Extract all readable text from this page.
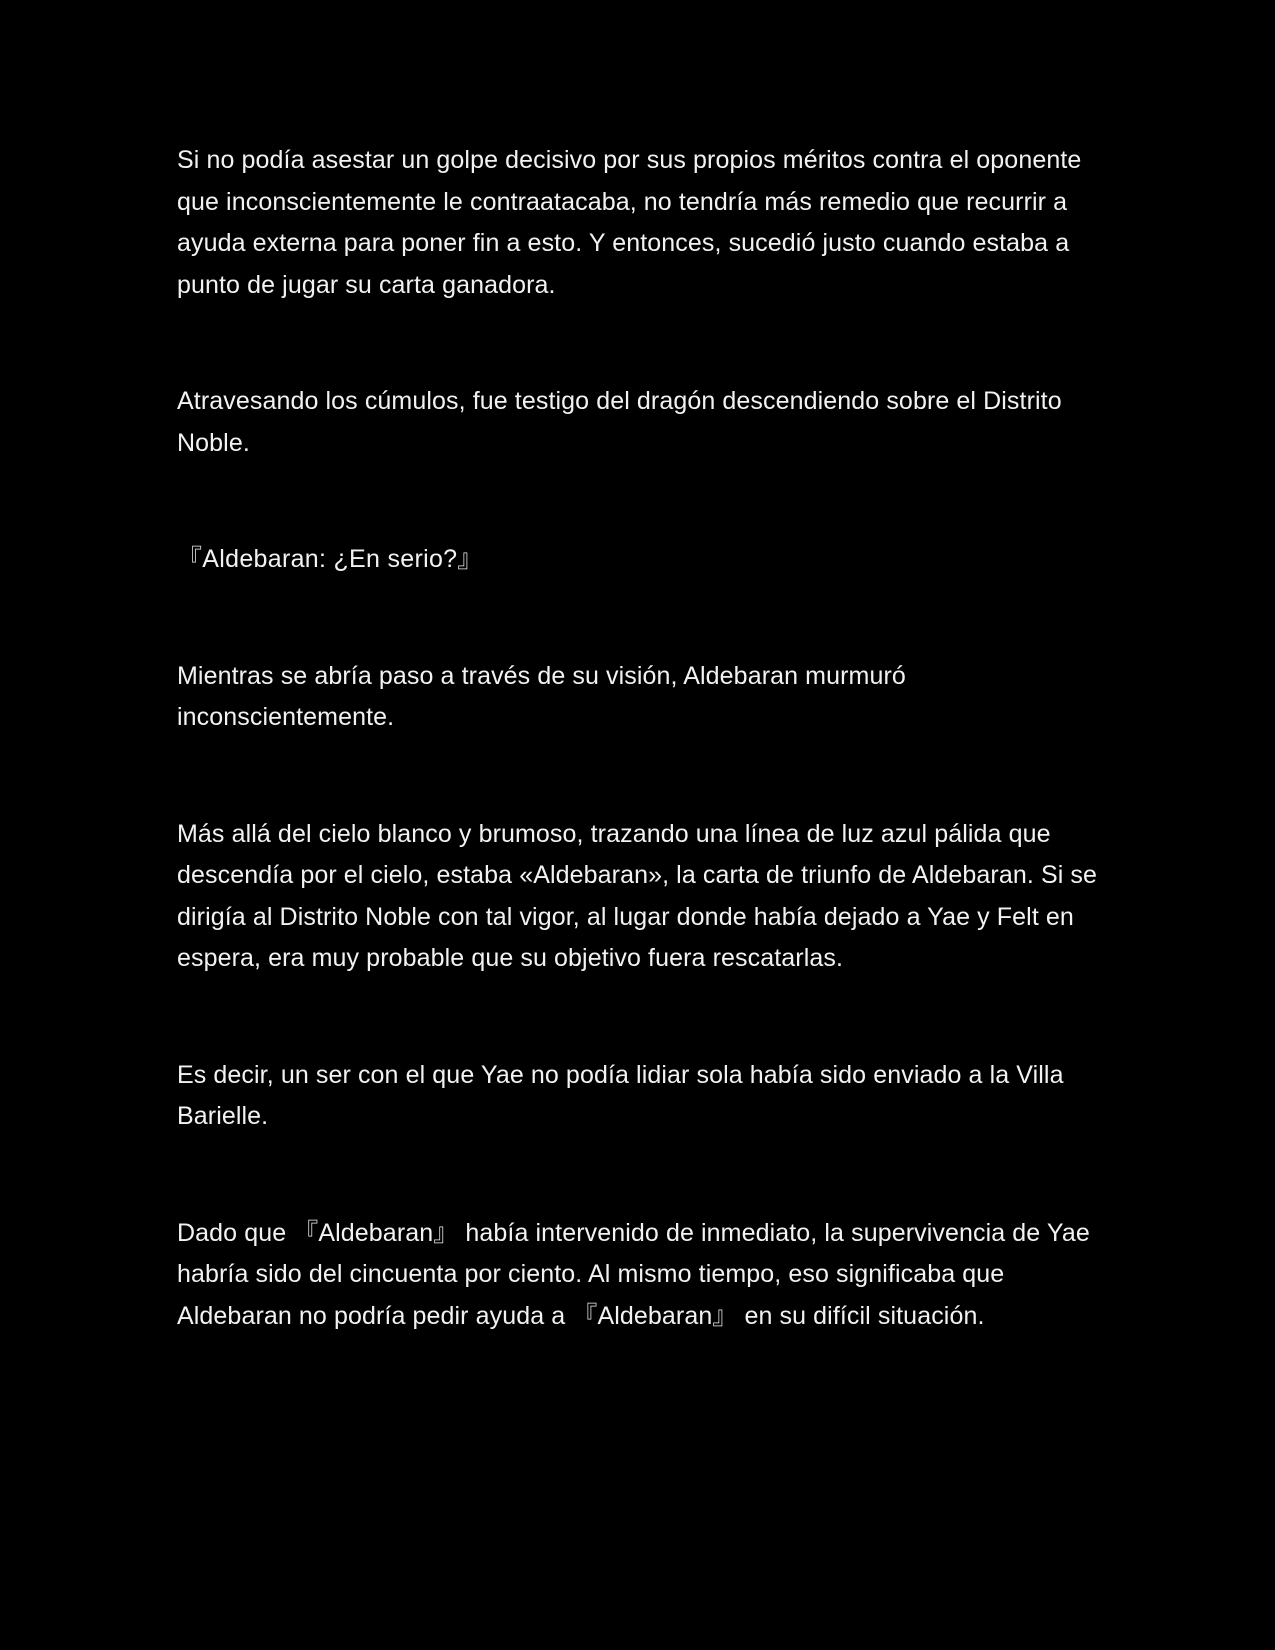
Si no podía asestar un golpe decisivo por sus propios méritos contra el oponente que inconscientemente le contraatacaba, no tendría más remedio que recurrir a ayuda externa para poner fin a esto. Y entonces, sucedió justo cuando estaba a punto de jugar su carta ganadora.

Atravesando los cúmulos, fue testigo del dragón descendiendo sobre el Distrito Noble.

『Aldebaran: ¿En serio?』

Mientras se abría paso a través de su visión, Aldebaran murmuró inconscientemente.

Más allá del cielo blanco y brumoso, trazando una línea de luz azul pálida que descendía por el cielo, estaba «Aldebaran», la carta de triunfo de Aldebaran. Si se dirigía al Distrito Noble con tal vigor, al lugar donde había dejado a Yae y Felt en espera, era muy probable que su objetivo fuera rescatarlas.

Es decir, un ser con el que Yae no podía lidiar sola había sido enviado a la Villa Barielle.

Dado que 『Aldebaran』 había intervenido de inmediato, la supervivencia de Yae habría sido del cincuenta por ciento. Al mismo tiempo, eso significaba que Aldebaran no podría pedir ayuda a 『Aldebaran』 en su difícil situación.
